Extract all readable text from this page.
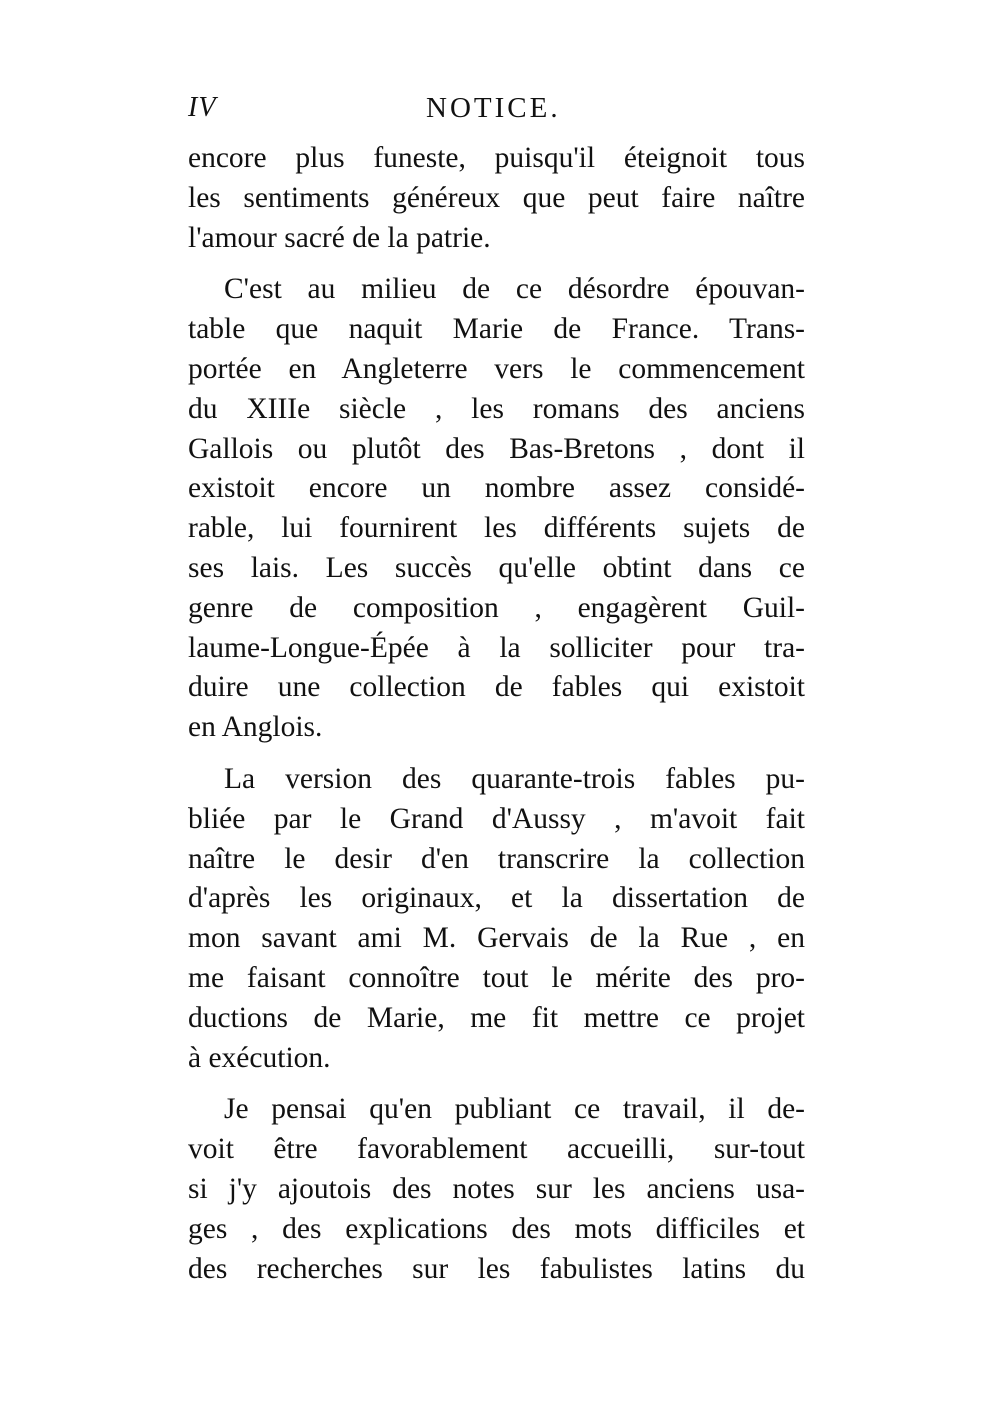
IV	NOTICE.
encore plus funeste, puisqu'il éteignoit tous
les sentiments généreux que peut faire naître
l'amour sacré de la patrie.
C'est au milieu de ce désordre épouvan-
table que naquit Marie de France. Trans-
portée en Angleterre vers le commencement
du XIIIe siècle , les romans des anciens
Gallois ou plutôt des Bas-Bretons , dont il
existoit encore un nombre assez considé-
rable, lui fournirent les différents sujets de
ses lais. Les succès qu'elle obtint dans ce
genre de composition , engagèrent Guil-
laume-Longue-Épée à la solliciter pour tra-
duire une collection de fables qui existoit
en Anglois.
La version des quarante-trois fables pu-
bliée par le Grand d'Aussy , m'avoit fait
naître le desir d'en transcrire la collection
d'après les originaux, et la dissertation de
mon savant ami M. Gervais de la Rue , en
me faisant connoître tout le mérite des pro-
ductions de Marie, me fit mettre ce projet
à exécution.
Je pensai qu'en publiant ce travail, il de-
voit être favorablement accueilli, sur-tout
si j'y ajoutois des notes sur les anciens usa-
ges , des explications des mots difficiles et
des recherches sur les fabulistes latins du
